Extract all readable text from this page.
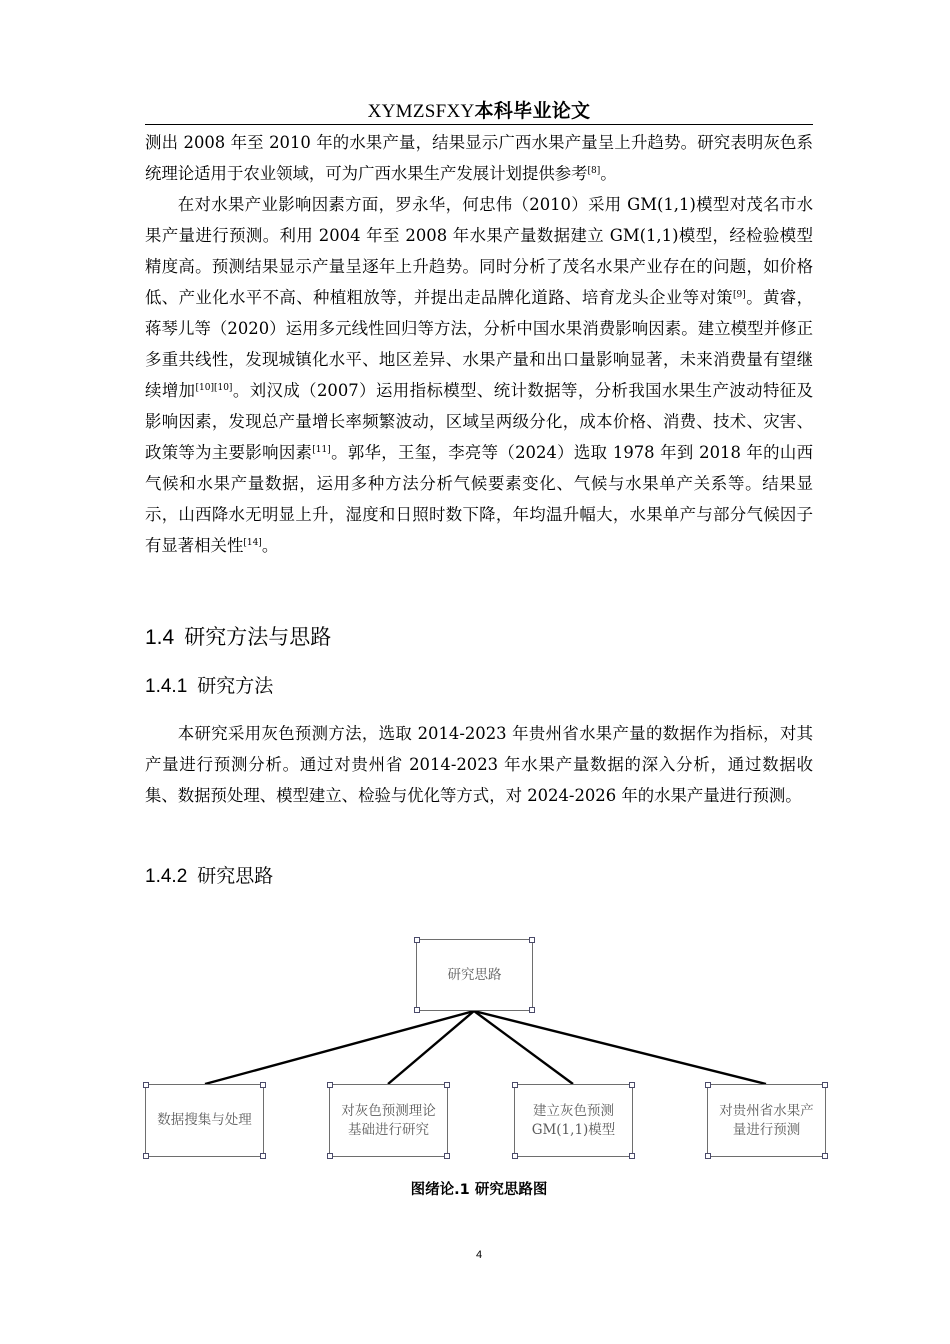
XYMZSFXY本科毕业论文

测出 2008 年至 2010 年的水果产量，结果显示广西水果产量呈上升趋势。研究表明灰色系统理论适用于农业领域，可为广西水果生产发展计划提供参考[8]。

在对水果产业影响因素方面，罗永华，何忠伟（2010）采用 GM(1,1)模型对茂名市水果产量进行预测。利用 2004 年至 2008 年水果产量数据建立 GM(1,1)模型，经检验模型精度高。预测结果显示产量呈逐年上升趋势。同时分析了茂名水果产业存在的问题，如价格低、产业化水平不高、种植粗放等，并提出走品牌化道路、培育龙头企业等对策[9]。黄睿，蒋琴儿等（2020）运用多元线性回归等方法，分析中国水果消费影响因素。建立模型并修正多重共线性，发现城镇化水平、地区差异、水果产量和出口量影响显著，未来消费量有望继续增加[10][10]。刘汉成（2007）运用指标模型、统计数据等，分析我国水果生产波动特征及影响因素，发现总产量增长率频繁波动，区域呈两级分化，成本价格、消费、技术、灾害、政策等为主要影响因素[11]。郭华，王玺，李亮等（2024）选取 1978 年到 2018 年的山西气候和水果产量数据，运用多种方法分析气候要素变化、气候与水果单产关系等。结果显示，山西降水无明显上升，湿度和日照时数下降，年均温升幅大，水果单产与部分气候因子有显著相关性[14]。

1.4 研究方法与思路
1.4.1 研究方法

本研究采用灰色预测方法，选取 2014-2023 年贵州省水果产量的数据作为指标，对其产量进行预测分析。通过对贵州省 2014-2023 年水果产量数据的深入分析，通过数据收集、数据预处理、模型建立、检验与优化等方式，对 2024-2026 年的水果产量进行预测。

1.4.2 研究思路
研究思路
数据搜集与处理
对灰色预测理论基础进行研究
建立灰色预测GM(1,1)模型
对贵州省水果产量进行预测
图绪论.1 研究思路图
4
